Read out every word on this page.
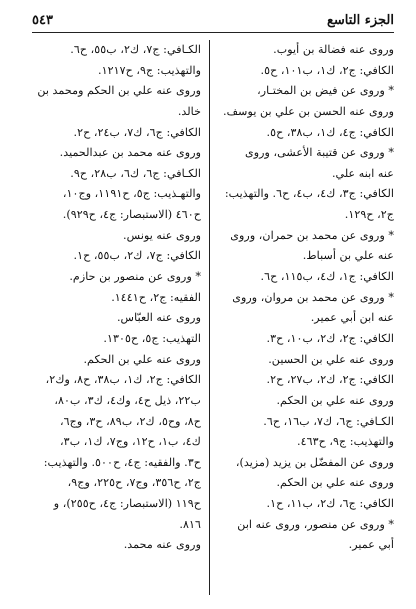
الجزء التاسع
٥٤٣
وروى عنه فضالة بن أيوب.
الكافي: ج٢، ك١، ب١٠١، ح٥.
* وروى عن فيض بن المختـار،
وروى عنه الحسن بن علي بن يوسف.
الكافي: ج٤، ك١، ب٣٨، ح٥.
* وروى عن قتيبة الأعشى، وروى
عنه ابنه علي.
الكافي: ج٣، ك٤، ب٤، ح٦. والتهذيب:
ج٢، ح١٢٩.
* وروى عن محمد بن حمران، وروى
عنه علي بن أسباط.
الكافي: ج١، ك٤، ب١١٥، ح٦.
* وروى عن محمد بن مروان، وروى
عنه ابن أبي عمير.
الكافي: ج٢، ك٢، ب١٠، ح٣.
وروى عنه علي بن الحسين.
الكافي: ج٢، ك٢، ب٢٧، ح٢.
وروى عنه علي بن الحكم.
الكـافي: ج٦، ك٧، ب١٦، ح٦.
والتهذيب: ج٩، ح٤٦٣.
وروى عن المفضّل بن يزيد (مزيد)،
وروى عنه علي بن الحكم.
الكافي: ج٦، ك٢، ب١١، ح١.
* وروى عن منصور، وروى عنه ابن
أبي عمير.
الكـافي: ج٧، ك٢، ب٥٥، ح٦.
والتهذيب: ج٩، ح١٢١٧.
وروى عنه علي بن الحكم ومحمد بن
خالد.
الكافي: ج٦، ك٧، ب٢٤، ح٢.
وروى عنه محمد بن عبدالحميد.
الكـافي: ج٦، ك٦، ب٢٨، ح٩.
والتهـذيب: ج٥، ح١١٩١، وج١٠،
ح٤٦٠ (الاستبصار: ج٤، ح٩٢٩).
وروى عنه يونس.
الكافي: ج٧، ك٢، ب٥٥، ح١.
* وروى عن منصور بن حازم.
الفقيه: ج٢، ح١٤٤١.
وروى عنه العبّاس.
التهذيب: ج٥، ح١٣٠٥.
وروى عنه علي بن الحكم.
الكافي: ج٢، ك١، ب٣٨، ح٨، وك٢،
ب٢٢، ذيل ح٤، وك٤، ك٣، ب٨٠،
ح٨، وح٥، ك٢، ب٨٩، ح٣، وج٦،
ك٤، ب١، ح١٢، وج٧، ك١، ب٣،
ح٣. والفقيه: ج٤، ح٥٠٠. والتهذيب:
ج٢، ح٣٥٦، وج٧، ح٢٢٥، وج٩،
ح١١٩ (الاستبصار: ج٤، ح٢٥٥)، و
٨١٦.
وروى عنه محمد.
